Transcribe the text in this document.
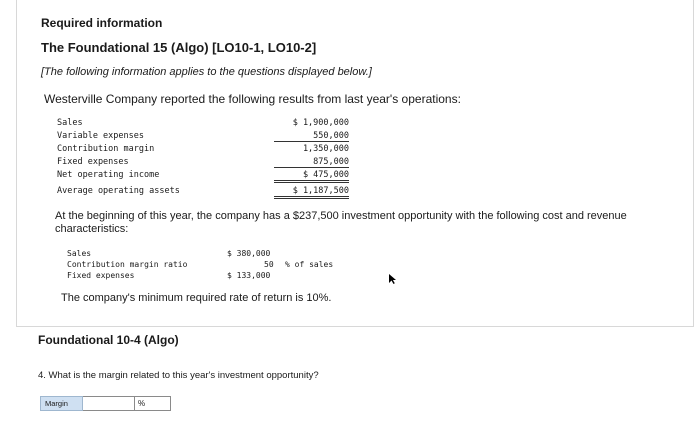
Required information
The Foundational 15 (Algo) [LO10-1, LO10-2]
[The following information applies to the questions displayed below.]
Westerville Company reported the following results from last year's operations:
Sales	$ 1,900,000
Variable expenses	550,000
Contribution margin	1,350,000
Fixed expenses	875,000
Net operating income	$ 475,000
Average operating assets	$ 1,187,500
At the beginning of this year, the company has a $237,500 investment opportunity with the following cost and revenue characteristics:
Sales	$ 380,000
Contribution margin ratio	50 % of sales
Fixed expenses	$ 133,000
The company's minimum required rate of return is 10%.
Foundational 10-4 (Algo)
4. What is the margin related to this year's investment opportunity?
Margin	%
